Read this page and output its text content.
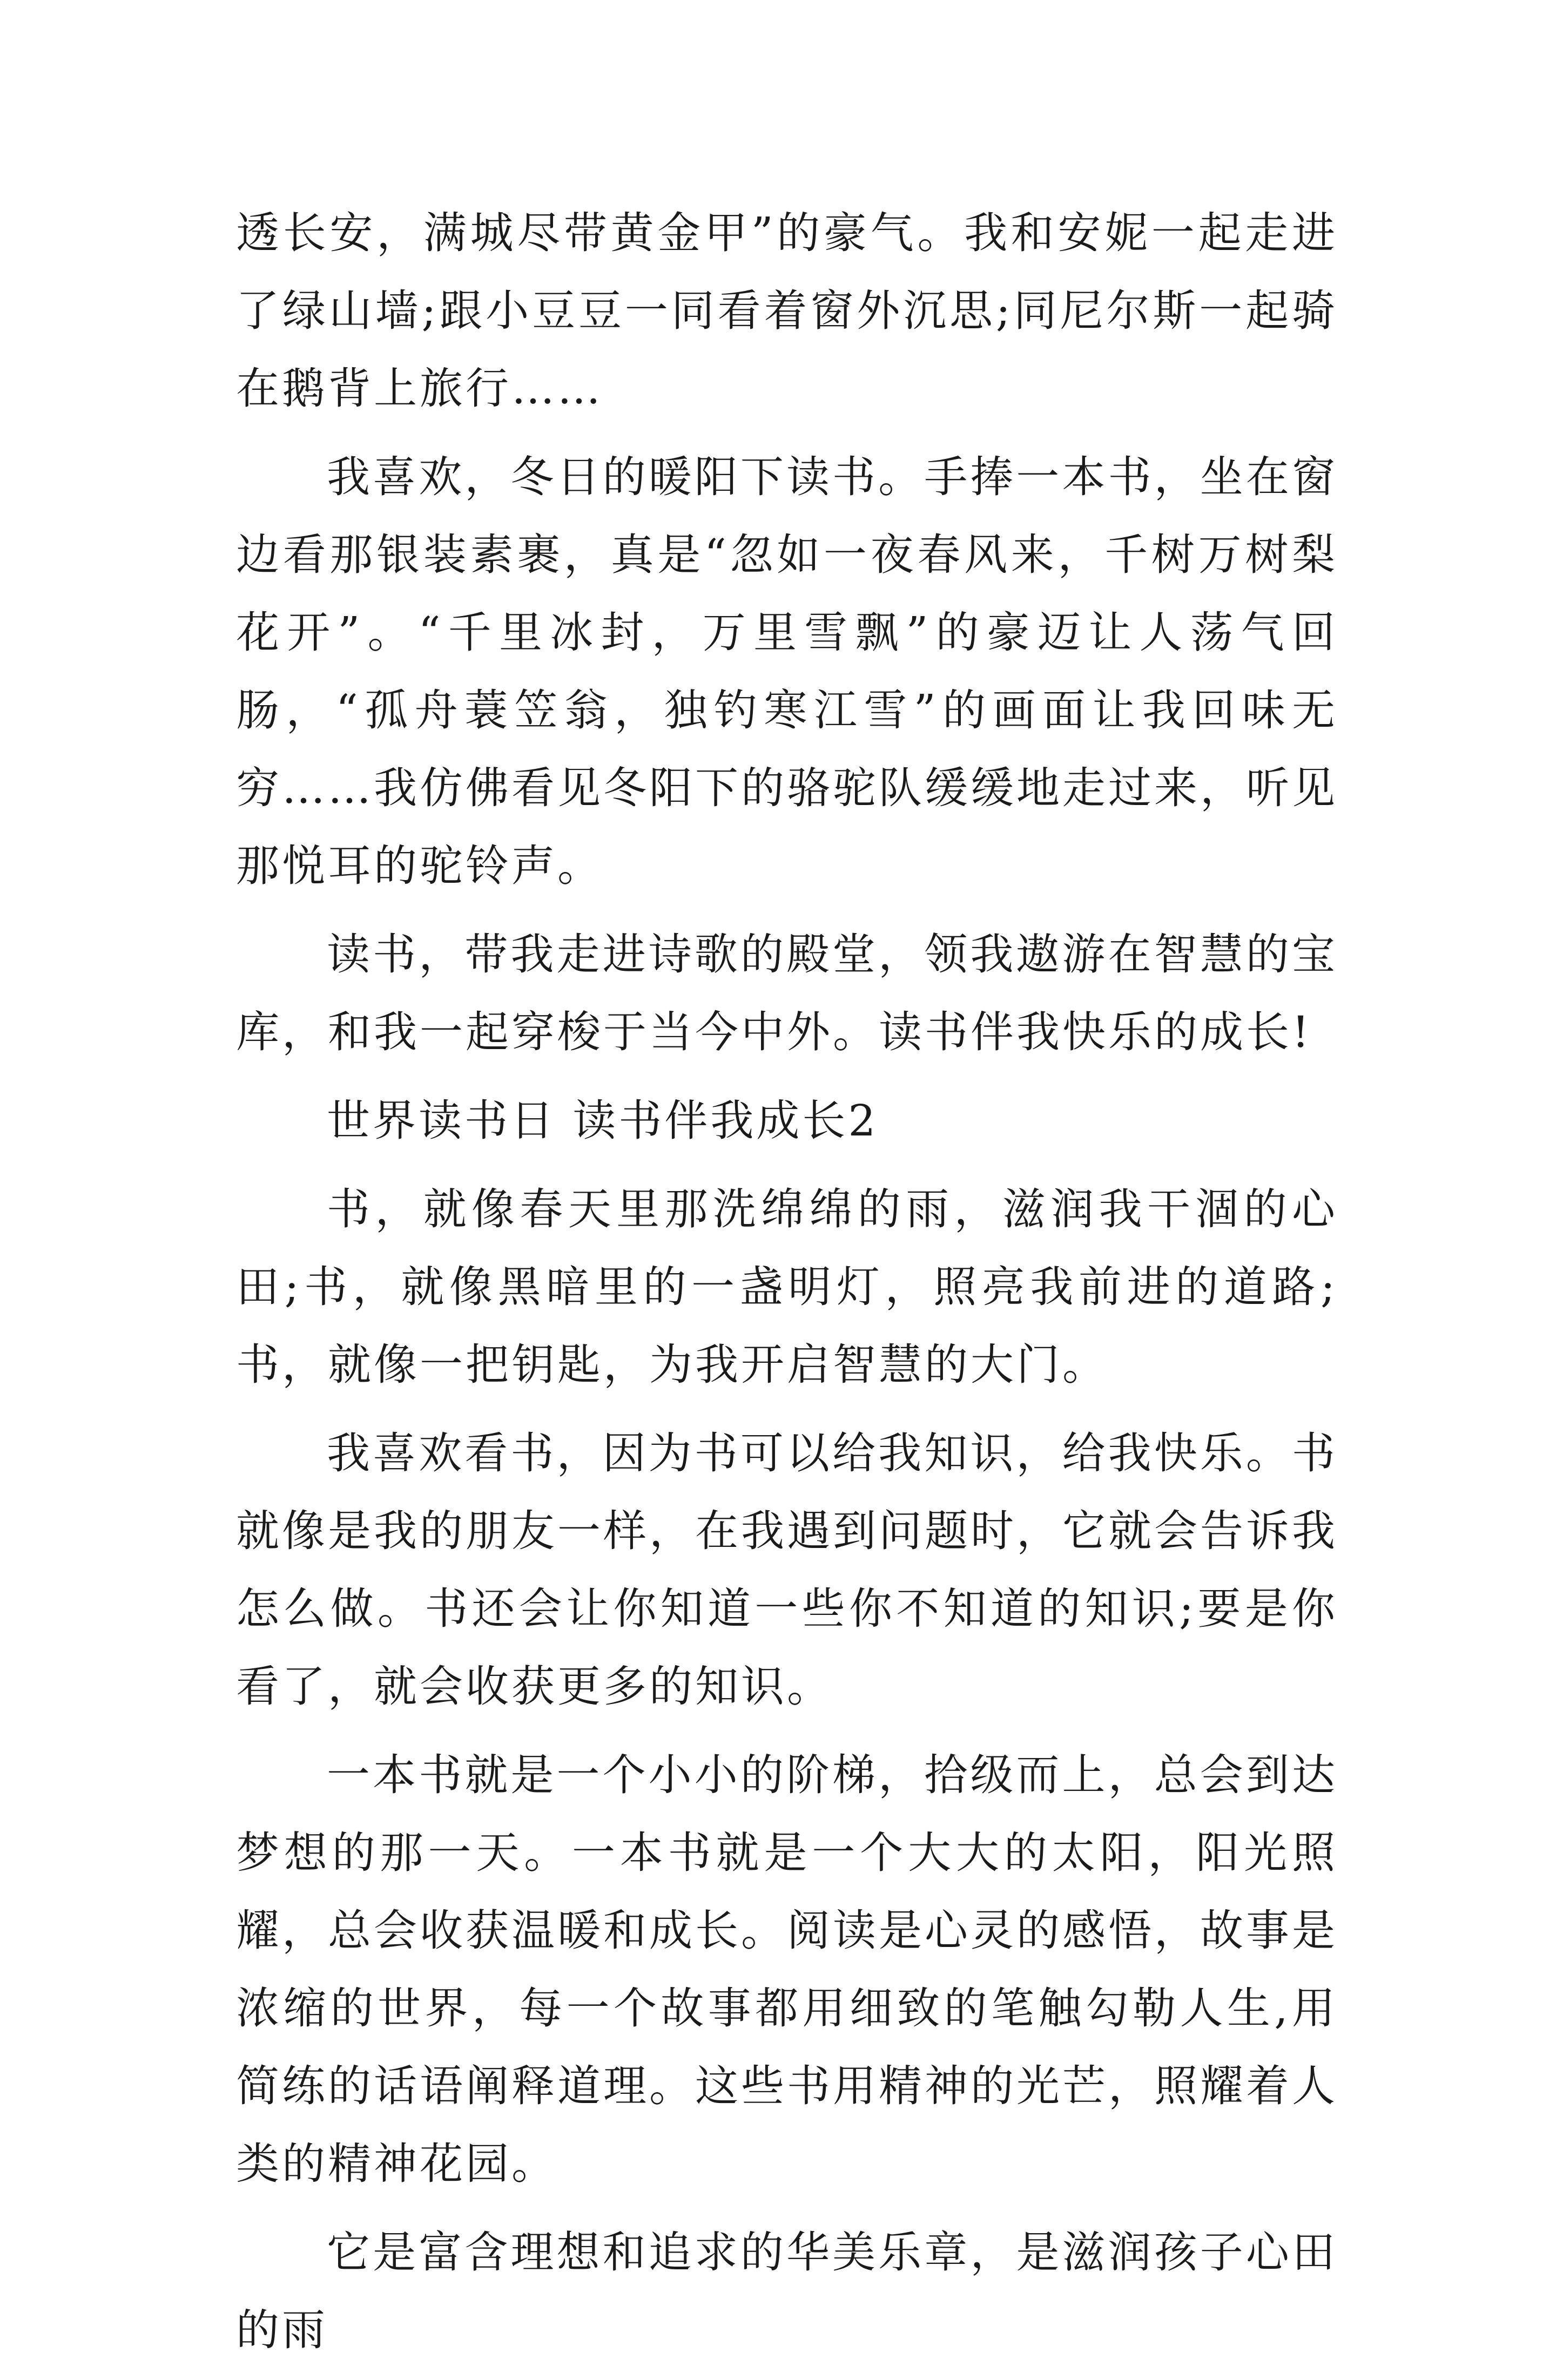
透长安，满城尽带黄金甲”的豪气。我和安妮一起走进了绿山墙;跟小豆豆一同看着窗外沉思;同尼尔斯一起骑在鹅背上旅行……

我喜欢，冬日的暖阳下读书。手捧一本书，坐在窗边看那银装素裹，真是“忽如一夜春风来，千树万树梨花开”。“千里冰封，万里雪飘”的豪迈让人荡气回肠，“孤舟蓑笠翁，独钓寒江雪”的画面让我回味无穷……我仿佛看见冬阳下的骆驼队缓缓地走过来，听见那悦耳的驼铃声。

读书，带我走进诗歌的殿堂，领我遨游在智慧的宝库，和我一起穿梭于当今中外。读书伴我快乐的成长!

世界读书日 读书伴我成长2

书，就像春天里那洗绵绵的雨，滋润我干涸的心田;书，就像黑暗里的一盏明灯，照亮我前进的道路;书，就像一把钥匙，为我开启智慧的大门。

我喜欢看书，因为书可以给我知识，给我快乐。书就像是我的朋友一样，在我遇到问题时，它就会告诉我怎么做。书还会让你知道一些你不知道的知识;要是你看了，就会收获更多的知识。

一本书就是一个小小的阶梯，拾级而上，总会到达梦想的那一天。一本书就是一个大大的太阳，阳光照耀，总会收获温暖和成长。阅读是心灵的感悟，故事是浓缩的世界，每一个故事都用细致的笔触勾勒人生,用简练的话语阐释道理。这些书用精神的光芒，照耀着人类的精神花园。

它是富含理想和追求的华美乐章，是滋润孩子心田的雨
